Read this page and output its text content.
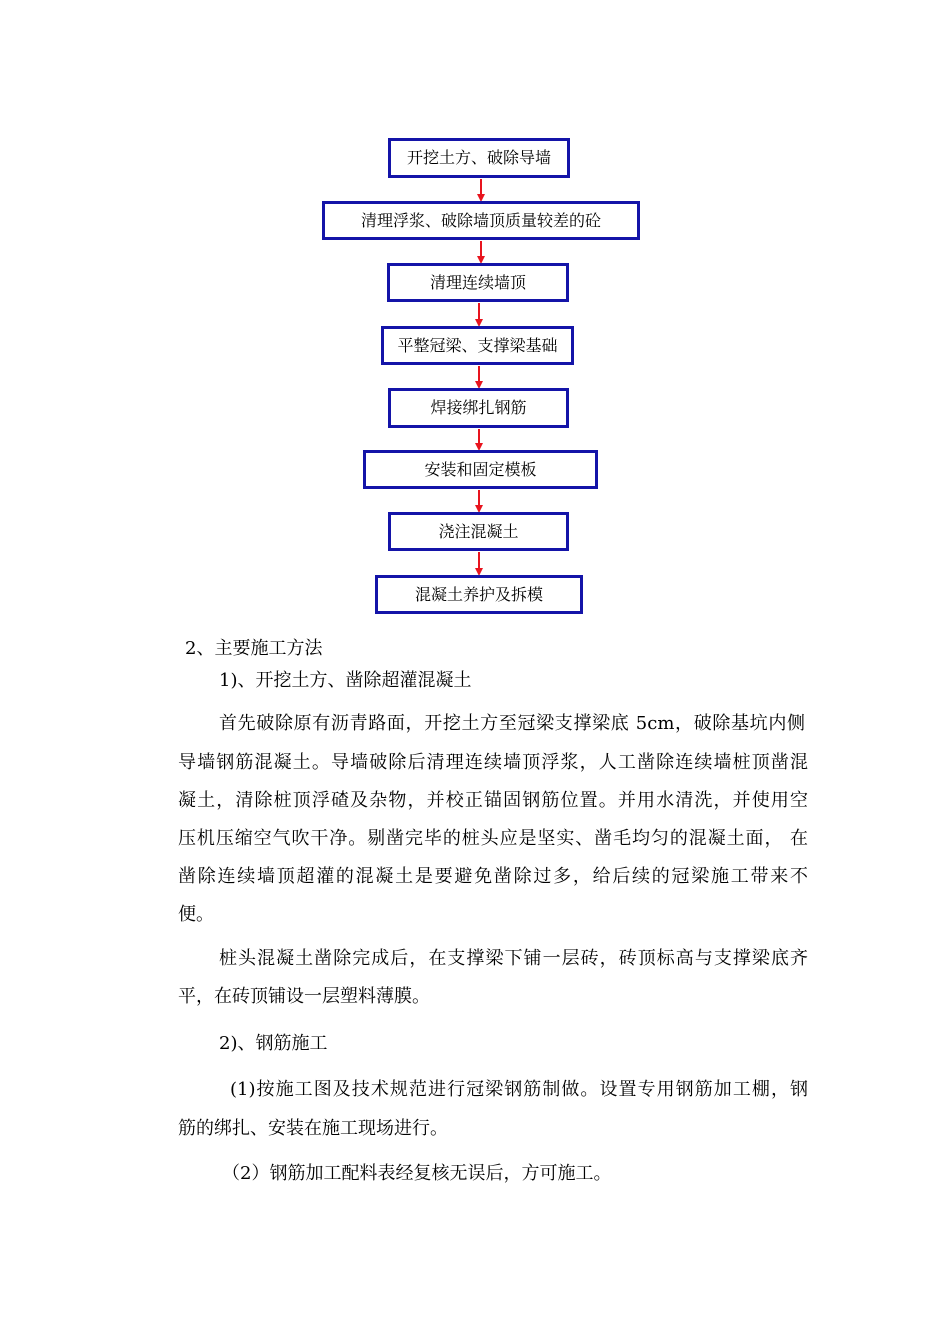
开挖土方、破除导墙
清理浮浆、破除墙顶质量较差的砼
清理连续墙顶
平整冠梁、支撑梁基础
焊接绑扎钢筋
安装和固定模板
浇注混凝土
混凝土养护及拆模
2、主要施工方法
1)、开挖土方、凿除超灌混凝土
首先破除原有沥青路面，开挖土方至冠梁支撑梁底 5cm，破除基坑内侧
导墙钢筋混凝土。导墙破除后清理连续墙顶浮浆，人工凿除连续墙桩顶凿混
凝土，清除桩顶浮碴及杂物，并校正锚固钢筋位置。并用水清洗，并使用空
压机压缩空气吹干净。剔凿完毕的桩头应是坚实、凿毛均匀的混凝土面， 在
凿除连续墙顶超灌的混凝土是要避免凿除过多，给后续的冠梁施工带来不
便。
桩头混凝土凿除完成后，在支撑梁下铺一层砖，砖顶标高与支撑梁底齐
平，在砖顶铺设一层塑料薄膜。
2)、钢筋施工
(1)按施工图及技术规范进行冠梁钢筋制做。设置专用钢筋加工棚，钢
筋的绑扎、安装在施工现场进行。
（2）钢筋加工配料表经复核无误后，方可施工。
